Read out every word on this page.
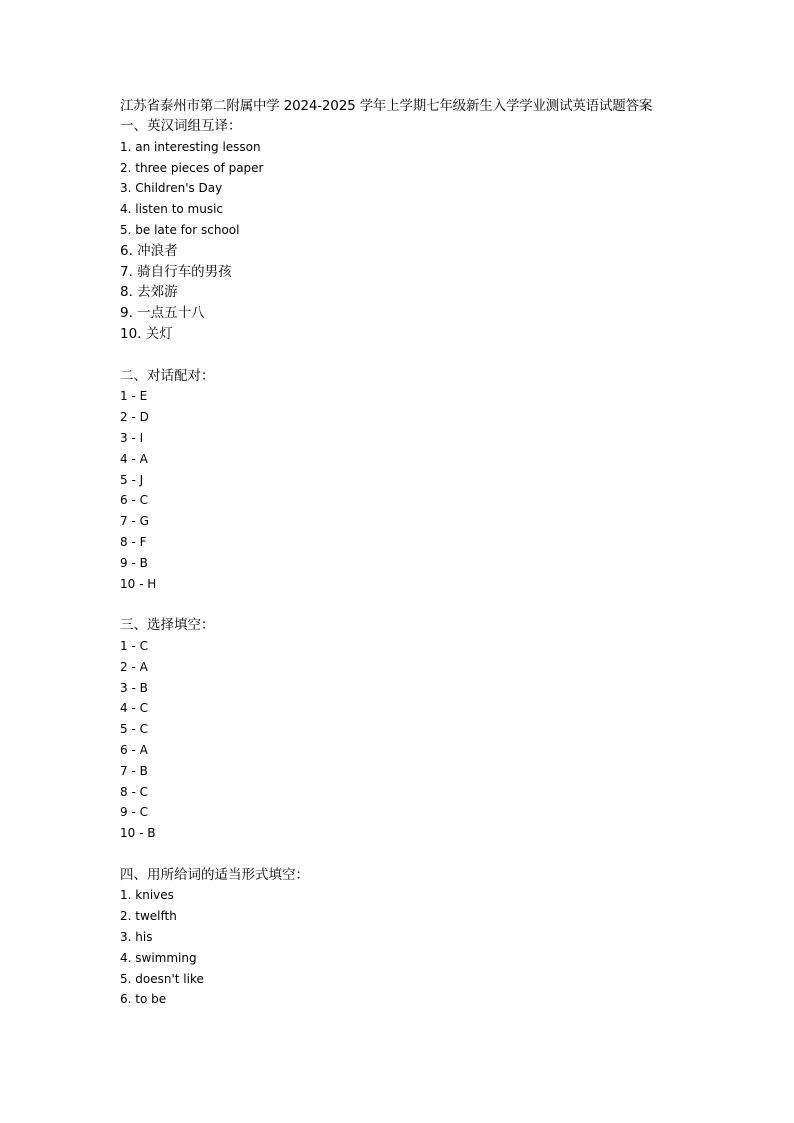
江苏省泰州市第二附属中学 2024-2025 学年上学期七年级新生入学学业测试英语试题答案
一、英汉词组互译：
1. an interesting lesson
2. three pieces of paper
3. Children's Day
4. listen to music
5. be late for school
6. 冲浪者
7. 骑自行车的男孩
8. 去郊游
9. 一点五十八
10. 关灯
二、对话配对：
1 - E
2 - D
3 - I
4 - A
5 - J
6 - C
7 - G
8 - F
9 - B
10 - H
三、选择填空：
1 - C
2 - A
3 - B
4 - C
5 - C
6 - A
7 - B
8 - C
9 - C
10 - B
四、用所给词的适当形式填空：
1. knives
2. twelfth
3. his
4. swimming
5. doesn't like
6. to be
